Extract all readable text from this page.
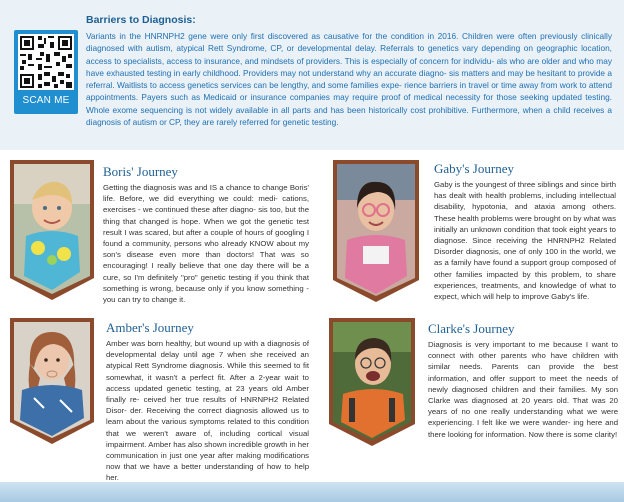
SCAN ME
Barriers to Diagnosis:

Variants in the HNRNPH2 gene were only first discovered as causative for the condition in 2016. Children were often previously clinically diagnosed with autism, atypical Rett Syndrome, CP, or developmental delay. Referrals to genetics vary depending on geographic location, access to specialists, access to insurance, and mindsets of providers. This is especially of concern for individu- als who are older and who may have exhausted testing in early childhood. Providers may not understand why an accurate diagno- sis matters and may be hesitant to provide a referral. Waitlists to access genetics services can be lengthy, and some families expe- rience barriers in travel or time away from work to attend appointments. Payers such as Medicaid or insurance companies may require proof of medical necessity for those seeking updated testing. Whole exome sequencing is not widely available in all parts and has been historically cost prohibitive. Furthermore, when a child receives a diagnosis of autism or CP, they are rarely referred for genetic testing.

Boris' Journey

Getting the diagnosis was and IS a chance to change Boris' life. Before, we did everything we could: medi- cations, exercises - we continued these after diagno- sis too, but the thing that changed is hope. When we got the genetic test result I was scared, but after a couple of hours of googling I found a community, persons who already KNOW about my son's disease even more than doctors! That was so encouraging! I really believe that one day there will be a cure, so I'm definitely "pro" genetic testing if you think that something is wrong, because only if you know something - you can try to change it.

Gaby's Journey

Gaby is the youngest of three siblings and since birth has dealt with health problems, including intellectual disability, hypotonia, and ataxia among others. These health problems were brought on by what was initially an unknown condition that took eight years to diagnose. Since receiving the HNRNPH2 Related Disorder diagnosis, one of only 100 in the world, we as a family have found a support group composed of other families impacted by this problem, to share experiences, treatments, and knowledge of what to expect, which will help to improve Gaby's life.

Amber's Journey

Amber was born healthy, but wound up with a diagnosis of developmental delay until age 7 when she received an atypical Rett Syndrome diagnosis. While this seemed to fit somewhat, it wasn't a perfect fit. After a 2-year wait to access updated genetic testing, at 23 years old Amber finally re- ceived her true results of HNRNPH2 Related Disor- der. Receiving the correct diagnosis allowed us to learn about the various symptoms related to this condition that we weren't aware of, including cortical visual impairment. Amber has also shown incredible growth in her communication in just one year after making modifications now that we have a better understanding of how to help her.

Clarke's Journey

Diagnosis is very important to me because I want to connect with other parents who have children with similar needs. Parents can provide the best information, and offer support to meet the needs of newly diagnosed children and their families. My son Clarke was diagnosed at 20 years old. That was 20 years of no one really understanding what we were experiencing. I felt like we were wander- ing here and there looking for information. Now there is some clarity!
